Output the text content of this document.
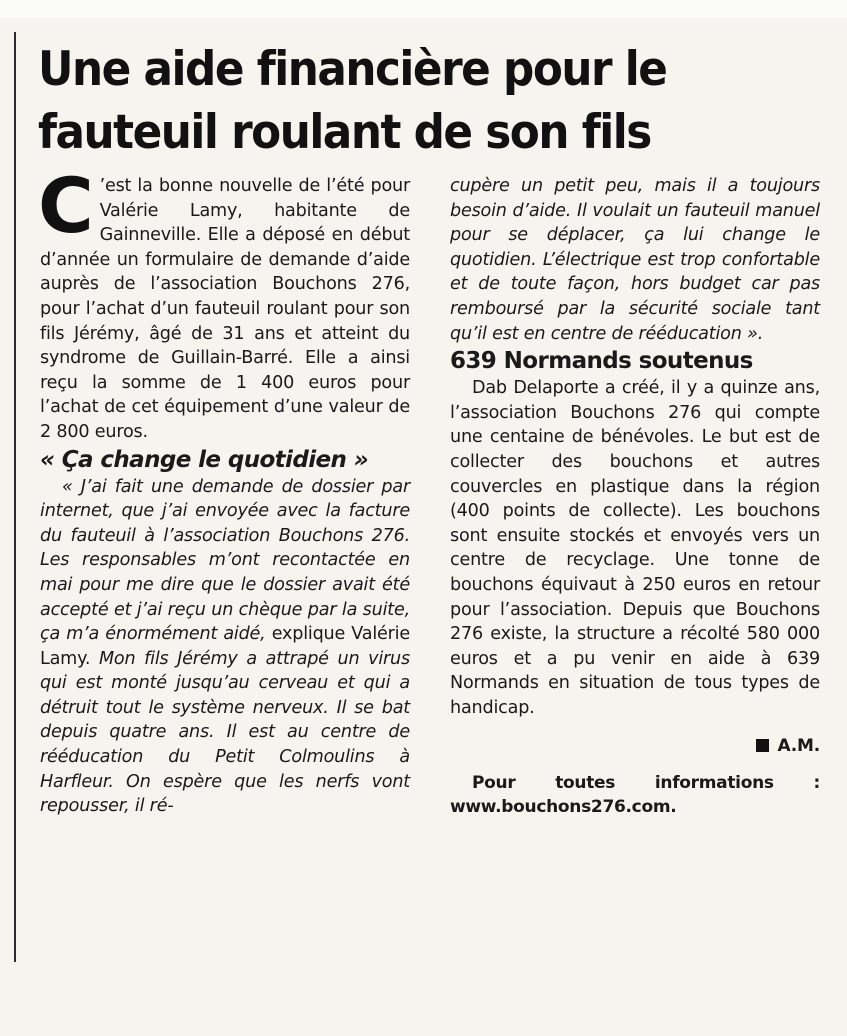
Une aide financière pour le fauteuil roulant de son fils

C ’est la bonne nouvelle de l’été pour Valérie Lamy, habitante de Gainneville. Elle a déposé en début d’année un formulaire de demande d’aide auprès de l’association Bouchons 276, pour l’achat d’un fauteuil roulant pour son fils Jérémy, âgé de 31 ans et atteint du syndrome de Guillain-Barré. Elle a ainsi reçu la somme de 1 400 euros pour l’achat de cet équipement d’une valeur de 2 800 euros.

« Ça change le quotidien »

« J’ai fait une demande de dossier par internet, que j’ai envoyée avec la facture du fauteuil à l’association Bouchons 276. Les responsables m’ont recontactée en mai pour me dire que le dossier avait été accepté et j’ai reçu un chèque par la suite, ça m’a énormément aidé, explique Valérie Lamy. Mon fils Jérémy a attrapé un virus qui est monté jusqu’au cerveau et qui a détruit tout le système nerveux. Il se bat depuis quatre ans. Il est au centre de rééducation du Petit Colmoulins à Harfleur. On espère que les nerfs vont repousser, il ré-

cupère un petit peu, mais il a toujours besoin d’aide. Il voulait un fauteuil manuel pour se déplacer, ça lui change le quotidien. L’électrique est trop confortable et de toute façon, hors budget car pas remboursé par la sécurité sociale tant qu’il est en centre de rééducation ».

639 Normands soutenus

Dab Delaporte a créé, il y a quinze ans, l’association Bouchons 276 qui compte une centaine de bénévoles. Le but est de collecter des bouchons et autres couvercles en plastique dans la région (400 points de collecte). Les bouchons sont ensuite stockés et envoyés vers un centre de recyclage. Une tonne de bouchons équivaut à 250 euros en retour pour l’association. Depuis que Bouchons 276 existe, la structure a récolté 580 000 euros et a pu venir en aide à 639 Normands en situation de tous types de handicap.

A.M.

Pour toutes informations : www.bouchons276.com.
